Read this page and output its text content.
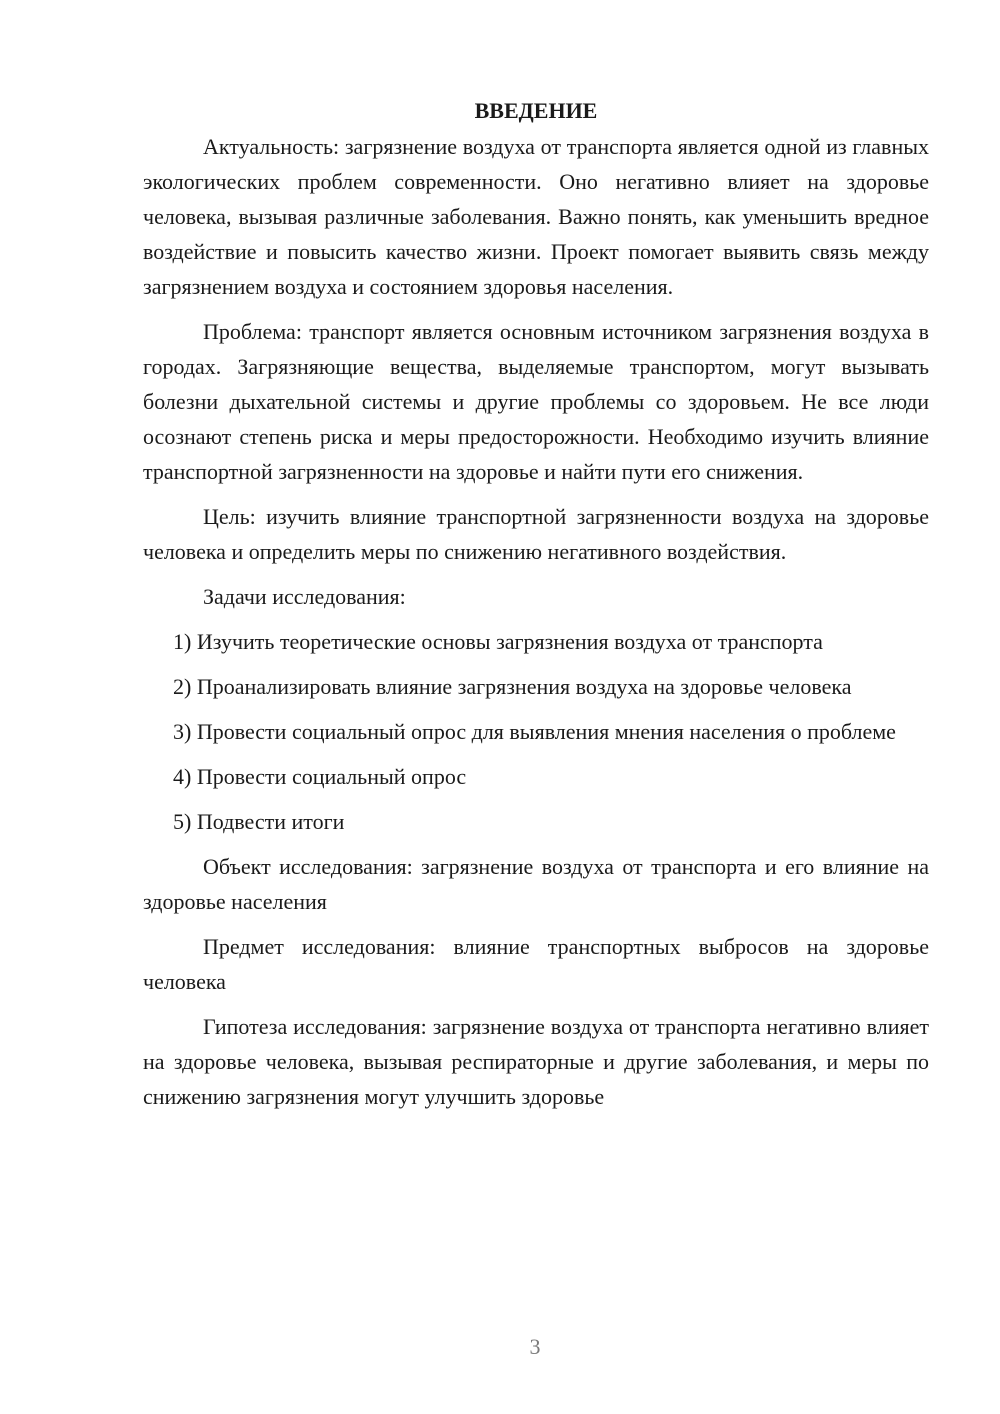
ВВЕДЕНИЕ

Актуальность: загрязнение воздуха от транспорта является одной из главных экологических проблем современности. Оно негативно влияет на здоровье человека, вызывая различные заболевания. Важно понять, как уменьшить вредное воздействие и повысить качество жизни. Проект помогает выявить связь между загрязнением воздуха и состоянием здоровья населения.

Проблема: транспорт является основным источником загрязнения воздуха в городах. Загрязняющие вещества, выделяемые транспортом, могут вызывать болезни дыхательной системы и другие проблемы со здоровьем. Не все люди осознают степень риска и меры предосторожности. Необходимо изучить влияние транспортной загрязненности на здоровье и найти пути его снижения.

Цель: изучить влияние транспортной загрязненности воздуха на здоровье человека и определить меры по снижению негативного воздействия.

Задачи исследования:

1) Изучить теоретические основы загрязнения воздуха от транспорта

2) Проанализировать влияние загрязнения воздуха на здоровье человека

3) Провести социальный опрос для выявления мнения населения о проблеме

4) Провести социальный опрос

5) Подвести итоги

Объект исследования: загрязнение воздуха от транспорта и его влияние на здоровье населения

Предмет исследования: влияние транспортных выбросов на здоровье человека

Гипотеза исследования: загрязнение воздуха от транспорта негативно влияет на здоровье человека, вызывая респираторные и другие заболевания, и меры по снижению загрязнения могут улучшить здоровье

3
